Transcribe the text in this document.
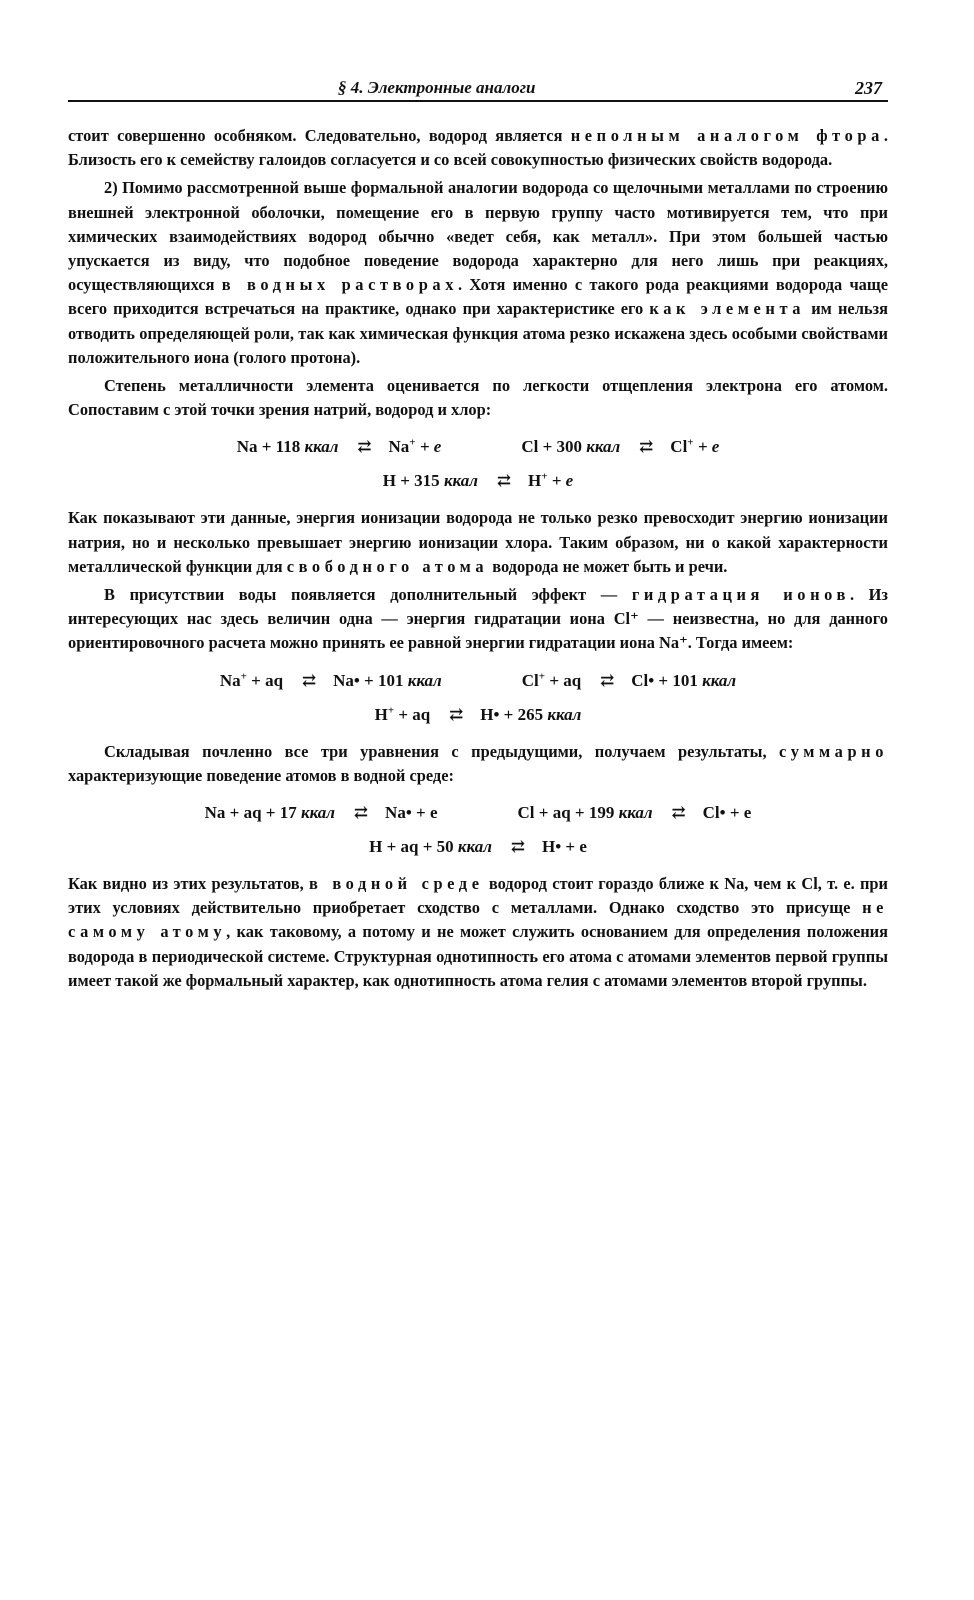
§ 4. Электронные аналоги	237

стоит совершенно особняком. Следовательно, водород является неполным аналогом фтора. Близость его к семейству галоидов согласуется и со всей совокупностью физических свойств водорода.

2) Помимо рассмотренной выше формальной аналогии водорода со щелочными металлами по строению внешней электронной оболочки, помещение его в первую группу часто мотивируется тем, что при химических взаимодействиях водород обычно «ведет себя, как металл». При этом большей частью упускается из виду, что подобное поведение водорода характерно для него лишь при реакциях, осуществляющихся в водных растворах. Хотя именно с такого рода реакциями водорода чаще всего приходится встречаться на практике, однако при характеристике его как элемента им нельзя отводить определяющей роли, так как химическая функция атома резко искажена здесь особыми свойствами положительного иона (голого протона).

Степень металличности элемента оценивается по легкости отщепления электрона его атомом. Сопоставим с этой точки зрения натрий, водород и хлор:

Na + 118 ккал ⇄ Na+ + e	Cl + 300 ккал ⇄ Cl+ + e
H + 315 ккал ⇄ H+ + e

Как показывают эти данные, энергия ионизации водорода не только резко превосходит энергию ионизации натрия, но и несколько превышает энергию ионизации хлора. Таким образом, ни о какой характерности металлической функции для свободного атома водорода не может быть и речи.

В присутствии воды появляется дополнительный эффект — гидратация ионов. Из интересующих нас здесь величин одна — энергия гидратации иона Cl⁺ — неизвестна, но для данного ориентировочного расчета можно принять ее равной энергии гидратации иона Na⁺. Тогда имеем:

Na+ + aq ⇄ Na• + 101 ккал	Cl+ + aq ⇄ Cl• + 101 ккал
H+ + aq ⇄ H• + 265 ккал

Складывая почленно все три уравнения с предыдущими, получаем результаты, суммарно характеризующие поведение атомов в водной среде:

Na + aq + 17 ккал ⇄ Na• + e	Cl + aq + 199 ккал ⇄ Cl• + e
H + aq + 50 ккал ⇄ H• + e

Как видно из этих результатов, в водной среде водород стоит гораздо ближе к Na, чем к Cl, т. е. при этих условиях действительно приобретает сходство с металлами. Однако сходство это присуще не самому атому, как таковому, а потому и не может служить основанием для определения положения водорода в периодической системе. Структурная однотипность его атома с атомами элементов первой группы имеет такой же формальный характер, как однотипность атома гелия с атомами элементов второй группы.
